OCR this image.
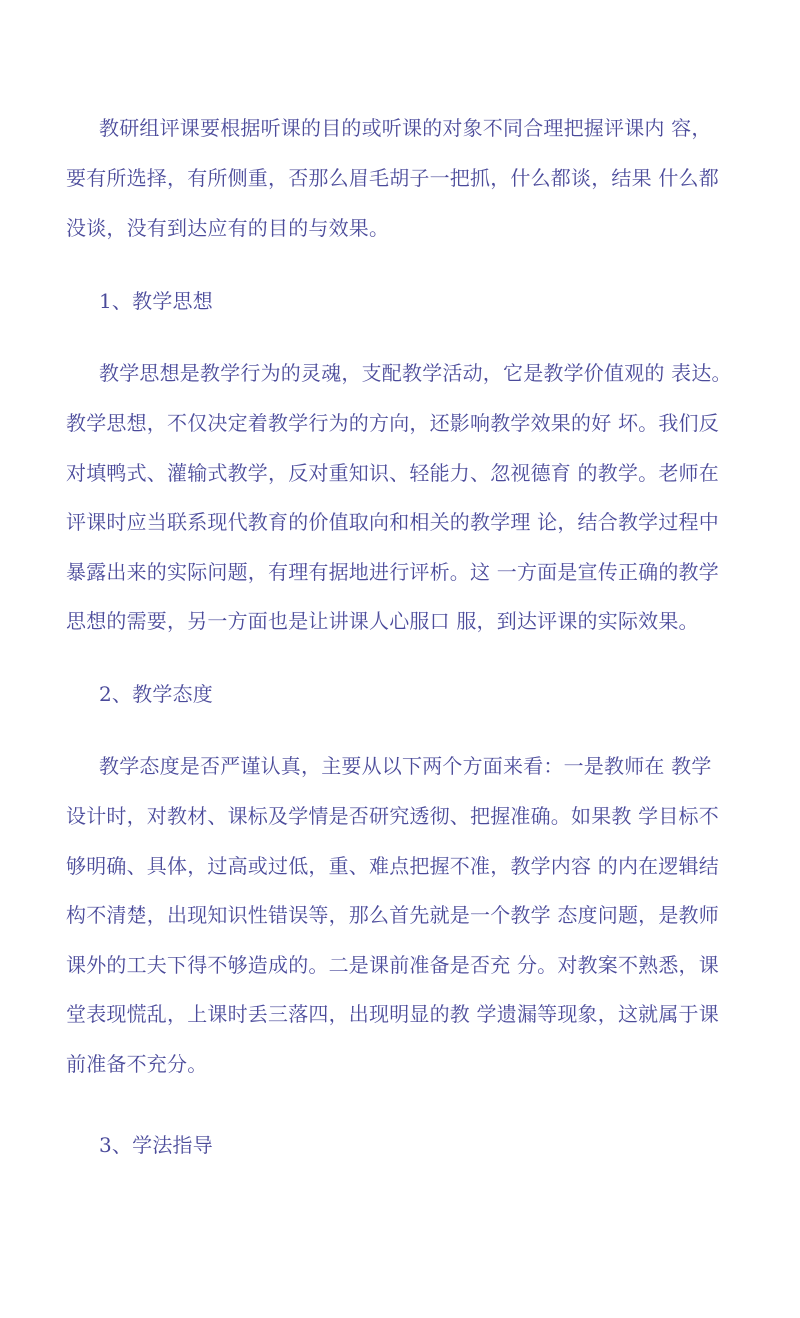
教研组评课要根据听课的目的或听课的对象不同合理把握评课内 容，
要有所选择，有所侧重，否那么眉毛胡子一把抓，什么都谈，结果 什么都
没谈，没有到达应有的目的与效果。
1、教学思想
教学思想是教学行为的灵魂，支配教学活动，它是教学价值观的 表达。
教学思想，不仅决定着教学行为的方向，还影响教学效果的好 坏。我们反
对填鸭式、灌输式教学，反对重知识、轻能力、忽视德育 的教学。老师在
评课时应当联系现代教育的价值取向和相关的教学理 论，结合教学过程中
暴露出来的实际问题，有理有据地进行评析。这 一方面是宣传正确的教学
思想的需要，另一方面也是让讲课人心服口 服，到达评课的实际效果。
2、教学态度
教学态度是否严谨认真，主要从以下两个方面来看：一是教师在 教学
设计时，对教材、课标及学情是否研究透彻、把握准确。如果教 学目标不
够明确、具体，过高或过低，重、难点把握不准，教学内容 的内在逻辑结
构不清楚，出现知识性错误等，那么首先就是一个教学 态度问题，是教师
课外的工夫下得不够造成的。二是课前准备是否充 分。对教案不熟悉，课
堂表现慌乱，上课时丢三落四，出现明显的教 学遗漏等现象，这就属于课
前准备不充分。
3、学法指导
